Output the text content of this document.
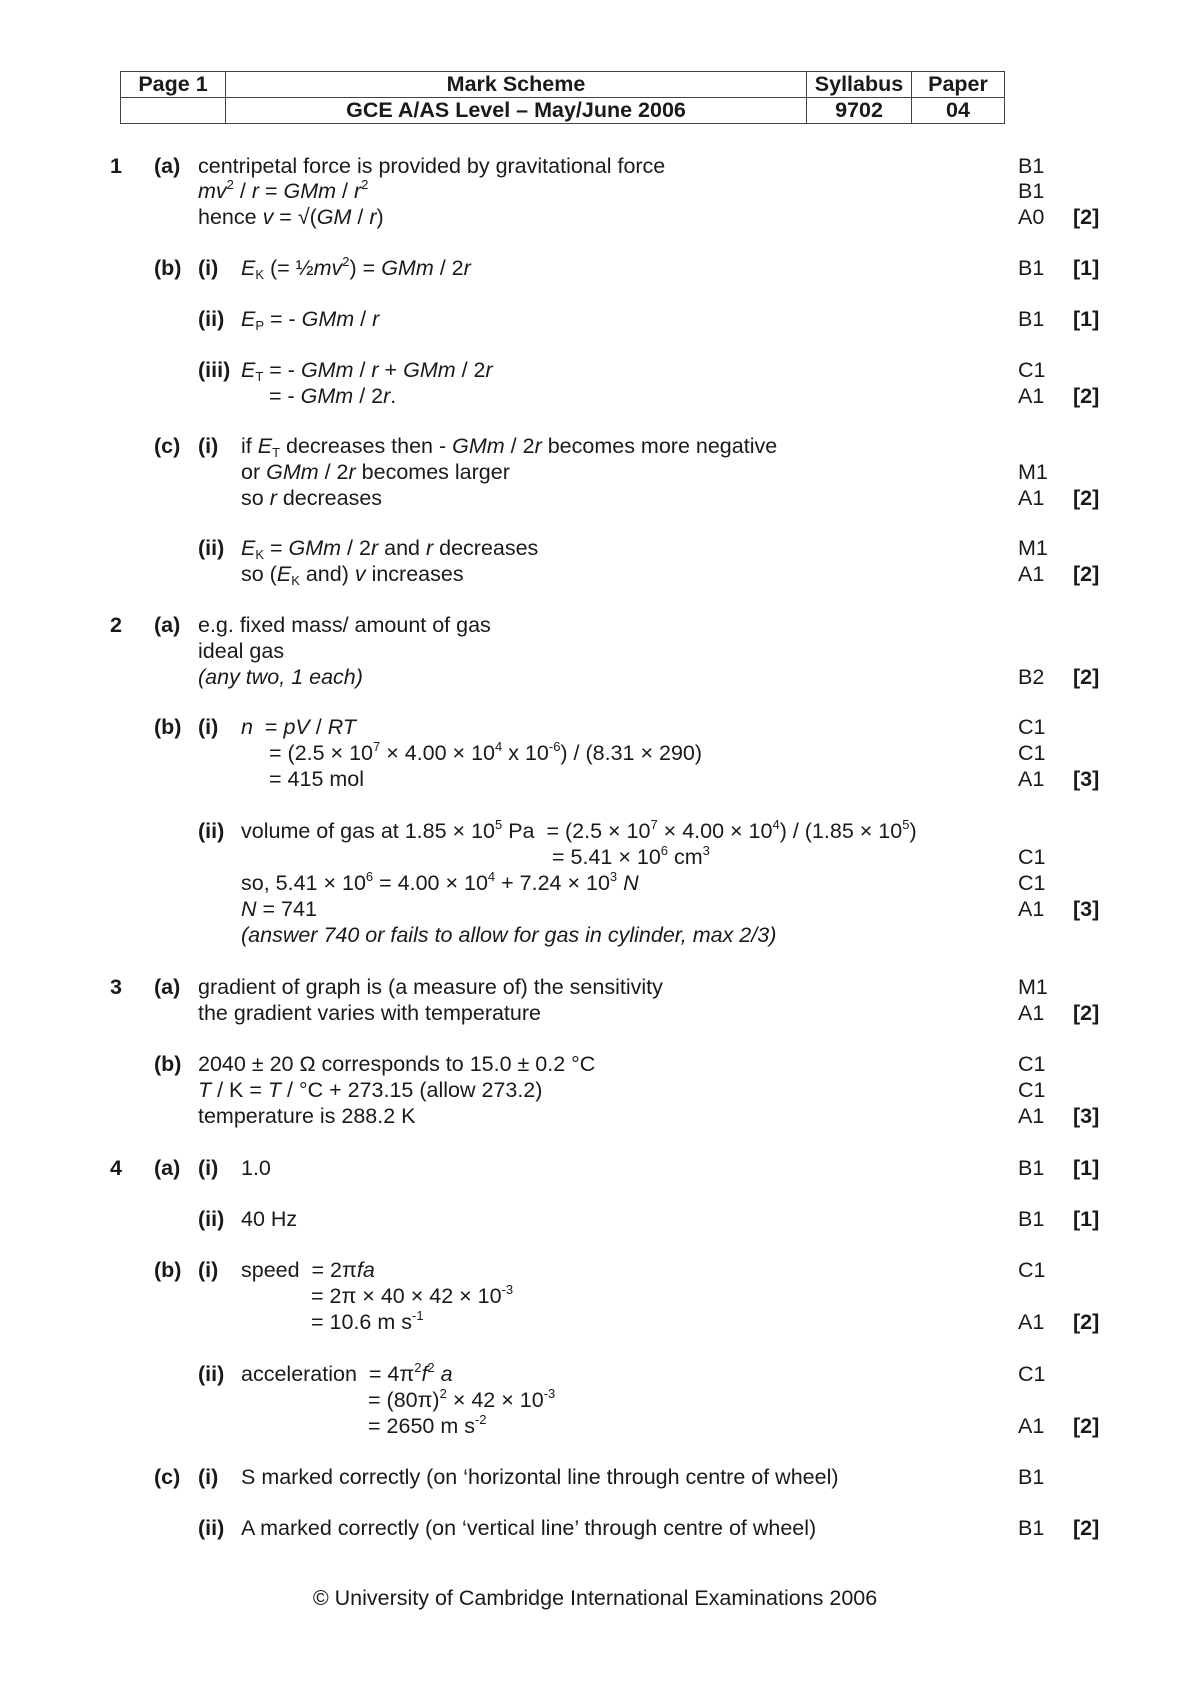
Page 1	Mark Scheme	Syllabus	Paper
	GCE A/AS Level – May/June 2006	9702	04
1 (a) centripetal force is provided by gravitational force	B1
$mv^2$ / r = GMm / $r^2$	B1
hence v = √(GM / r)	A0 [2]
(b) (i) $E_K$ (= $\frac{1}{2}mv^2$) = GMm / 2r	B1 [1]
(ii) $E_P$ = - GMm / r	B1 [1]
(iii) $E_T$ = - GMm / r + GMm / 2r	C1
= - GMm / 2r.	A1 [2]
(c) (i) if $E_T$ decreases then - GMm / 2r becomes more negative
or GMm / 2r becomes larger	M1
so r decreases	A1 [2]
(ii) $E_K$ = GMm / 2r and r decreases	M1
so ($E_K$ and) v increases	A1 [2]
2 (a) e.g. fixed mass/ amount of gas
ideal gas
(any two, 1 each)	B2 [2]
(b) (i) n  = pV / RT	C1
= ($2.5 \times 10^7 \times 4.00 \times 10^4$ x $10^{-6}) / (8.31 \times 290)$	C1
= 415 mol	A1 [3]
(ii) volume of gas at $1.85 \times 10^5$ $Pa = (2.5 \times 10^7 \times 4.00 \times 10^4) / (1.85 \times 10^5)$
= $5.41 \times 10^6$ $cm^3$	C1
so, $5.41 \times 10^6 = 4.00 \times 10^4 + 7.24 \times 10^3$ N	C1
N = 741	A1 [3]
(answer 740 or fails to allow for gas in cylinder, max 2/3)
3 (a) gradient of graph is (a measure of) the sensitivity	M1
the gradient varies with temperature	A1 [2]
(b) 2040 ± 20 Ω corresponds to 15.0 ± 0.2 °C	C1
T / K = T / °C + 273.15 (allow 273.2)	C1
temperature is 288.2 K	A1 [3]
4 (a) (i) 1.0	B1 [1]
(ii) 40 Hz	B1 [1]
(b) (i) speed  = 2πfa	C1
= $2\pi \times 40 \times 42 \times 10^{-3}$
= 10.6 m $s^{-1}$	A1 [2]
(ii) acceleration  = $4\pi^2f^2$ a	C1
= $(80\pi)^2 \times 42 \times 10^{-3}$
= 2650 m $s^{-2}$	A1 [2]
(c) (i) S marked correctly (on ‘horizontal line through centre of wheel)	B1
(ii) A marked correctly (on ‘vertical line’ through centre of wheel)	B1 [2]
© University of Cambridge International Examinations 2006
